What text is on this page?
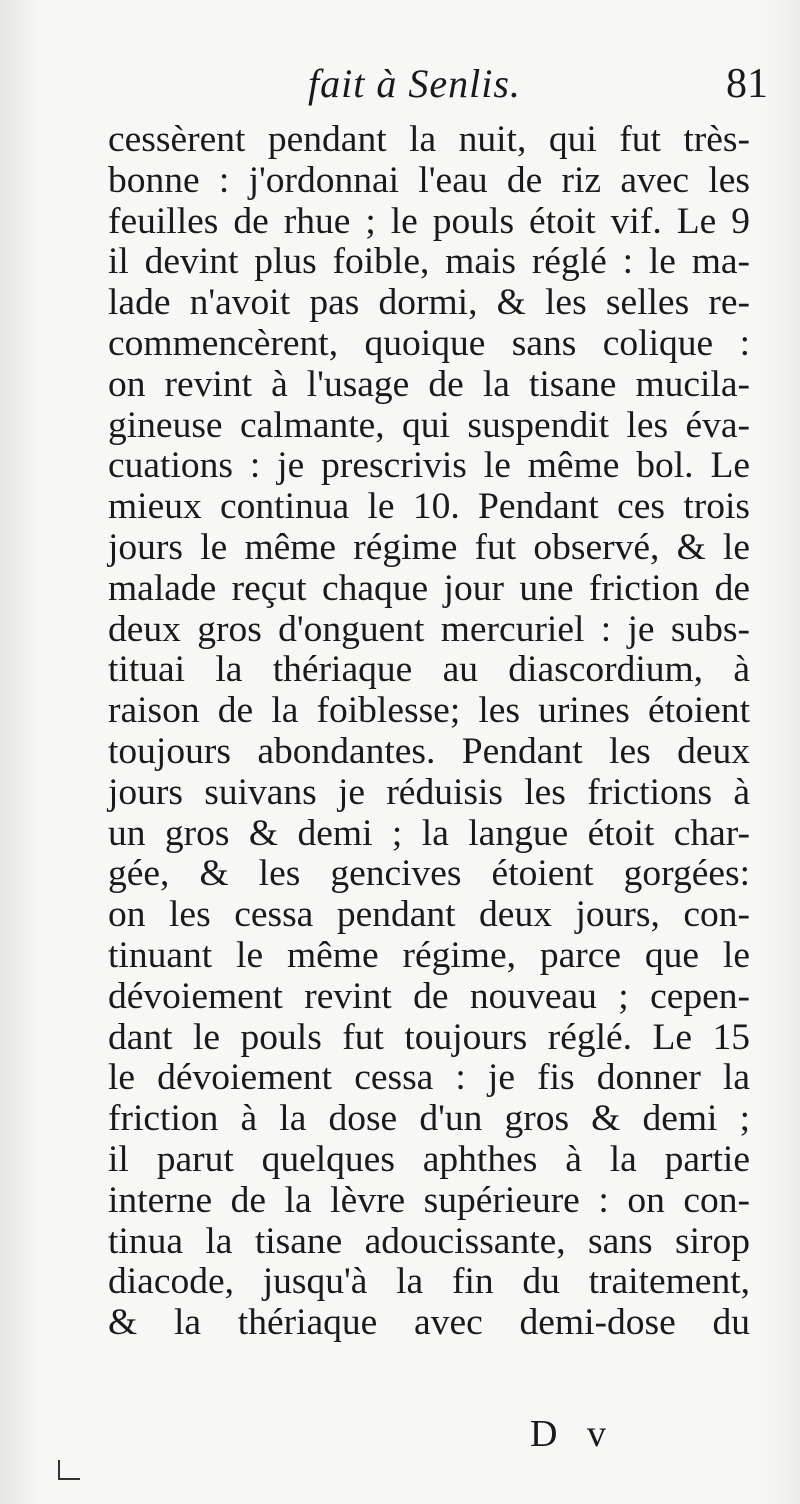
fait à Senlis.	81
cessèrent pendant la nuit, qui fut très-
bonne : j'ordonnai l'eau de riz avec les
feuilles de rhue ; le pouls étoit vif. Le 9
il devint plus foible, mais réglé : le ma-
lade n'avoit pas dormi, & les selles re-
commencèrent, quoique sans colique :
on revint à l'usage de la tisane mucila-
gineuse calmante, qui suspendit les éva-
cuations : je prescrivis le même bol. Le
mieux continua le 10. Pendant ces trois
jours le même régime fut observé, & le
malade reçut chaque jour une friction de
deux gros d'onguent mercuriel : je subs-
tituai la thériaque au diascordium, à
raison de la foiblesse; les urines étoient
toujours abondantes. Pendant les deux
jours suivans je réduisis les frictions à
un gros & demi ; la langue étoit char-
gée, & les gencives étoient gorgées:
on les cessa pendant deux jours, con-
tinuant le même régime, parce que le
dévoiement revint de nouveau ; cepen-
dant le pouls fut toujours réglé. Le 15
le dévoiement cessa : je fis donner la
friction à la dose d'un gros & demi ;
il parut quelques aphthes à la partie
interne de la lèvre supérieure : on con-
tinua la tisane adoucissante, sans sirop
diacode, jusqu'à la fin du traitement,
& la thériaque avec demi-dose du
D v
